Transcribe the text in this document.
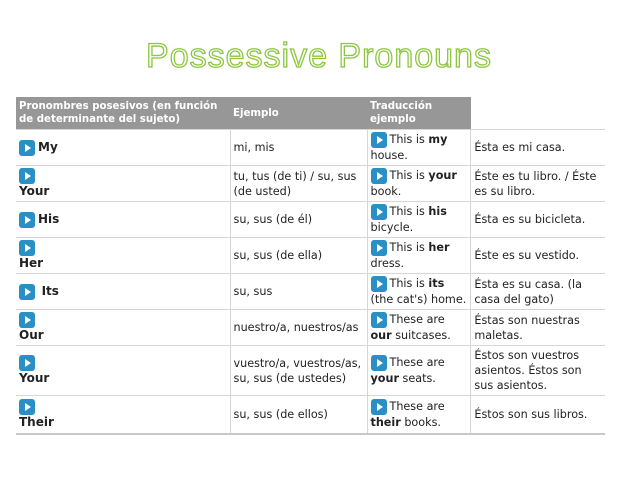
Possessive Pronouns
Pronombres posesivos (en función de determinante del sujeto)	Ejemplo	Traducción ejemplo	

My	mi, mis	This is my house.	Ésta es mi casa.

Your	tu, tus (de ti) / su, sus (de usted)	This is your book.	Éste es tu libro. / Éste es su libro.
His	su, sus (de él)	This is his bicycle.	Ésta es su bicicleta.

Her	su, sus (de ella)	This is her dress.	Éste es su vestido.
Its	su, sus	This is its (the cat's) home.	Ésta es su casa. (la casa del gato)

Our	nuestro/a, nuestros/as	These are our suitcases.	Éstas son nuestras maletas.

Your	vuestro/a, vuestros/as, su, sus (de ustedes)	These are your seats.	Éstos son vuestros asientos. Éstos son sus asientos.

Their	su, sus (de ellos)	These are their books.	Éstos son sus libros.
